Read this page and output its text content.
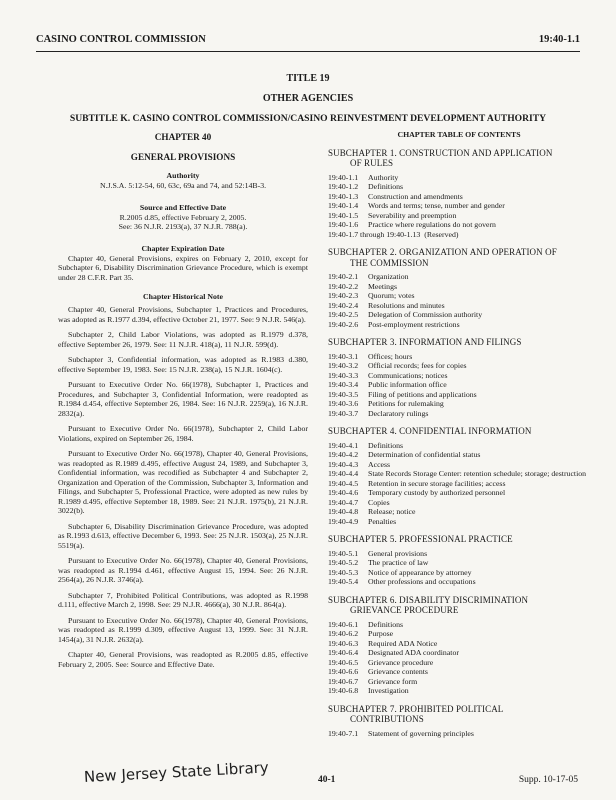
CASINO CONTROL COMMISSION	19:40-1.1
TITLE 19
OTHER AGENCIES
SUBTITLE K. CASINO CONTROL COMMISSION/CASINO REINVESTMENT DEVELOPMENT AUTHORITY
CHAPTER 40
GENERAL PROVISIONS
Authority

N.J.S.A. 5:12-54, 60, 63c, 69a and 74, and 52:14B-3.

Source and Effective Date

R.2005 d.85, effective February 2, 2005.

See: 36 N.J.R. 2193(a), 37 N.J.R. 788(a).

Chapter Expiration Date

Chapter 40, General Provisions, expires on February 2, 2010, except for Subchapter 6, Disability Discrimination Grievance Procedure, which is exempt under 28 C.F.R. Part 35.

Chapter Historical Note

Chapter 40, General Provisions, Subchapter 1, Practices and Procedures, was adopted as R.1977 d.394, effective October 21, 1977. See: 9 N.J.R. 546(a).

Subchapter 2, Child Labor Violations, was adopted as R.1979 d.378, effective September 26, 1979. See: 11 N.J.R. 418(a), 11 N.J.R. 599(d).

Subchapter 3, Confidential information, was adopted as R.1983 d.380, effective September 19, 1983. See: 15 N.J.R. 238(a), 15 N.J.R. 1604(c).

Pursuant to Executive Order No. 66(1978), Subchapter 1, Practices and Procedures, and Subchapter 3, Confidential Information, were readopted as R.1984 d.454, effective September 26, 1984. See: 16 N.J.R. 2259(a), 16 N.J.R. 2832(a).

Pursuant to Executive Order No. 66(1978), Subchapter 2, Child Labor Violations, expired on September 26, 1984.

Pursuant to Executive Order No. 66(1978), Chapter 40, General Provisions, was readopted as R.1989 d.495, effective August 24, 1989, and Subchapter 3, Confidential information, was recodified as Subchapter 4 and Subchapter 2, Organization and Operation of the Commission, Subchapter 3, Information and Filings, and Subchapter 5, Professional Practice, were adopted as new rules by R.1989 d.495, effective September 18, 1989. See: 21 N.J.R. 1975(b), 21 N.J.R. 3022(b).

Subchapter 6, Disability Discrimination Grievance Procedure, was adopted as R.1993 d.613, effective December 6, 1993. See: 25 N.J.R. 1503(a), 25 N.J.R. 5519(a).

Pursuant to Executive Order No. 66(1978), Chapter 40, General Provisions, was readopted as R.1994 d.461, effective August 15, 1994. See: 26 N.J.R. 2564(a), 26 N.J.R. 3746(a).

Subchapter 7, Prohibited Political Contributions, was adopted as R.1998 d.111, effective March 2, 1998. See: 29 N.J.R. 4666(a), 30 N.J.R. 864(a).

Pursuant to Executive Order No. 66(1978), Chapter 40, General Provisions, was readopted as R.1999 d.309, effective August 13, 1999. See: 31 N.J.R. 1454(a), 31 N.J.R. 2632(a).

Chapter 40, General Provisions, was readopted as R.2005 d.85, effective February 2, 2005. See: Source and Effective Date.

CHAPTER TABLE OF CONTENTS
SUBCHAPTER 1. CONSTRUCTION AND APPLICATION
OF RULES
19:40-1.1	Authority
19:40-1.2	Definitions
19:40-1.3	Construction and amendments
19:40-1.4	Words and terms; tense, number and gender
19:40-1.5	Severability and preemption
19:40-1.6	Practice where regulations do not govern
19:40-1.7 through 19:40-1.13 (Reserved)
SUBCHAPTER 2. ORGANIZATION AND OPERATION OF
THE COMMISSION
19:40-2.1	Organization
19:40-2.2	Meetings
19:40-2.3	Quorum; votes
19:40-2.4	Resolutions and minutes
19:40-2.5	Delegation of Commission authority
19:40-2.6	Post-employment restrictions
SUBCHAPTER 3. INFORMATION AND FILINGS
19:40-3.1	Offices; hours
19:40-3.2	Official records; fees for copies
19:40-3.3	Communications; notices
19:40-3.4	Public information office
19:40-3.5	Filing of petitions and applications
19:40-3.6	Petitions for rulemaking
19:40-3.7	Declaratory rulings
SUBCHAPTER 4. CONFIDENTIAL INFORMATION
19:40-4.1	Definitions
19:40-4.2	Determination of confidential status
19:40-4.3	Access
19:40-4.4	State Records Storage Center: retention schedule; storage; destruction
19:40-4.5	Retention in secure storage facilities; access
19:40-4.6	Temporary custody by authorized personnel
19:40-4.7	Copies
19:40-4.8	Release; notice
19:40-4.9	Penalties
SUBCHAPTER 5. PROFESSIONAL PRACTICE
19:40-5.1	General provisions
19:40-5.2	The practice of law
19:40-5.3	Notice of appearance by attorney
19:40-5.4	Other professions and occupations
SUBCHAPTER 6. DISABILITY DISCRIMINATION
GRIEVANCE PROCEDURE
19:40-6.1	Definitions
19:40-6.2	Purpose
19:40-6.3	Required ADA Notice
19:40-6.4	Designated ADA coordinator
19:40-6.5	Grievance procedure
19:40-6.6	Grievance contents
19:40-6.7	Grievance form
19:40-6.8	Investigation
SUBCHAPTER 7. PROHIBITED POLITICAL
CONTRIBUTIONS
19:40-7.1	Statement of governing principles
New Jersey State Library	40-1	Supp. 10-17-05
